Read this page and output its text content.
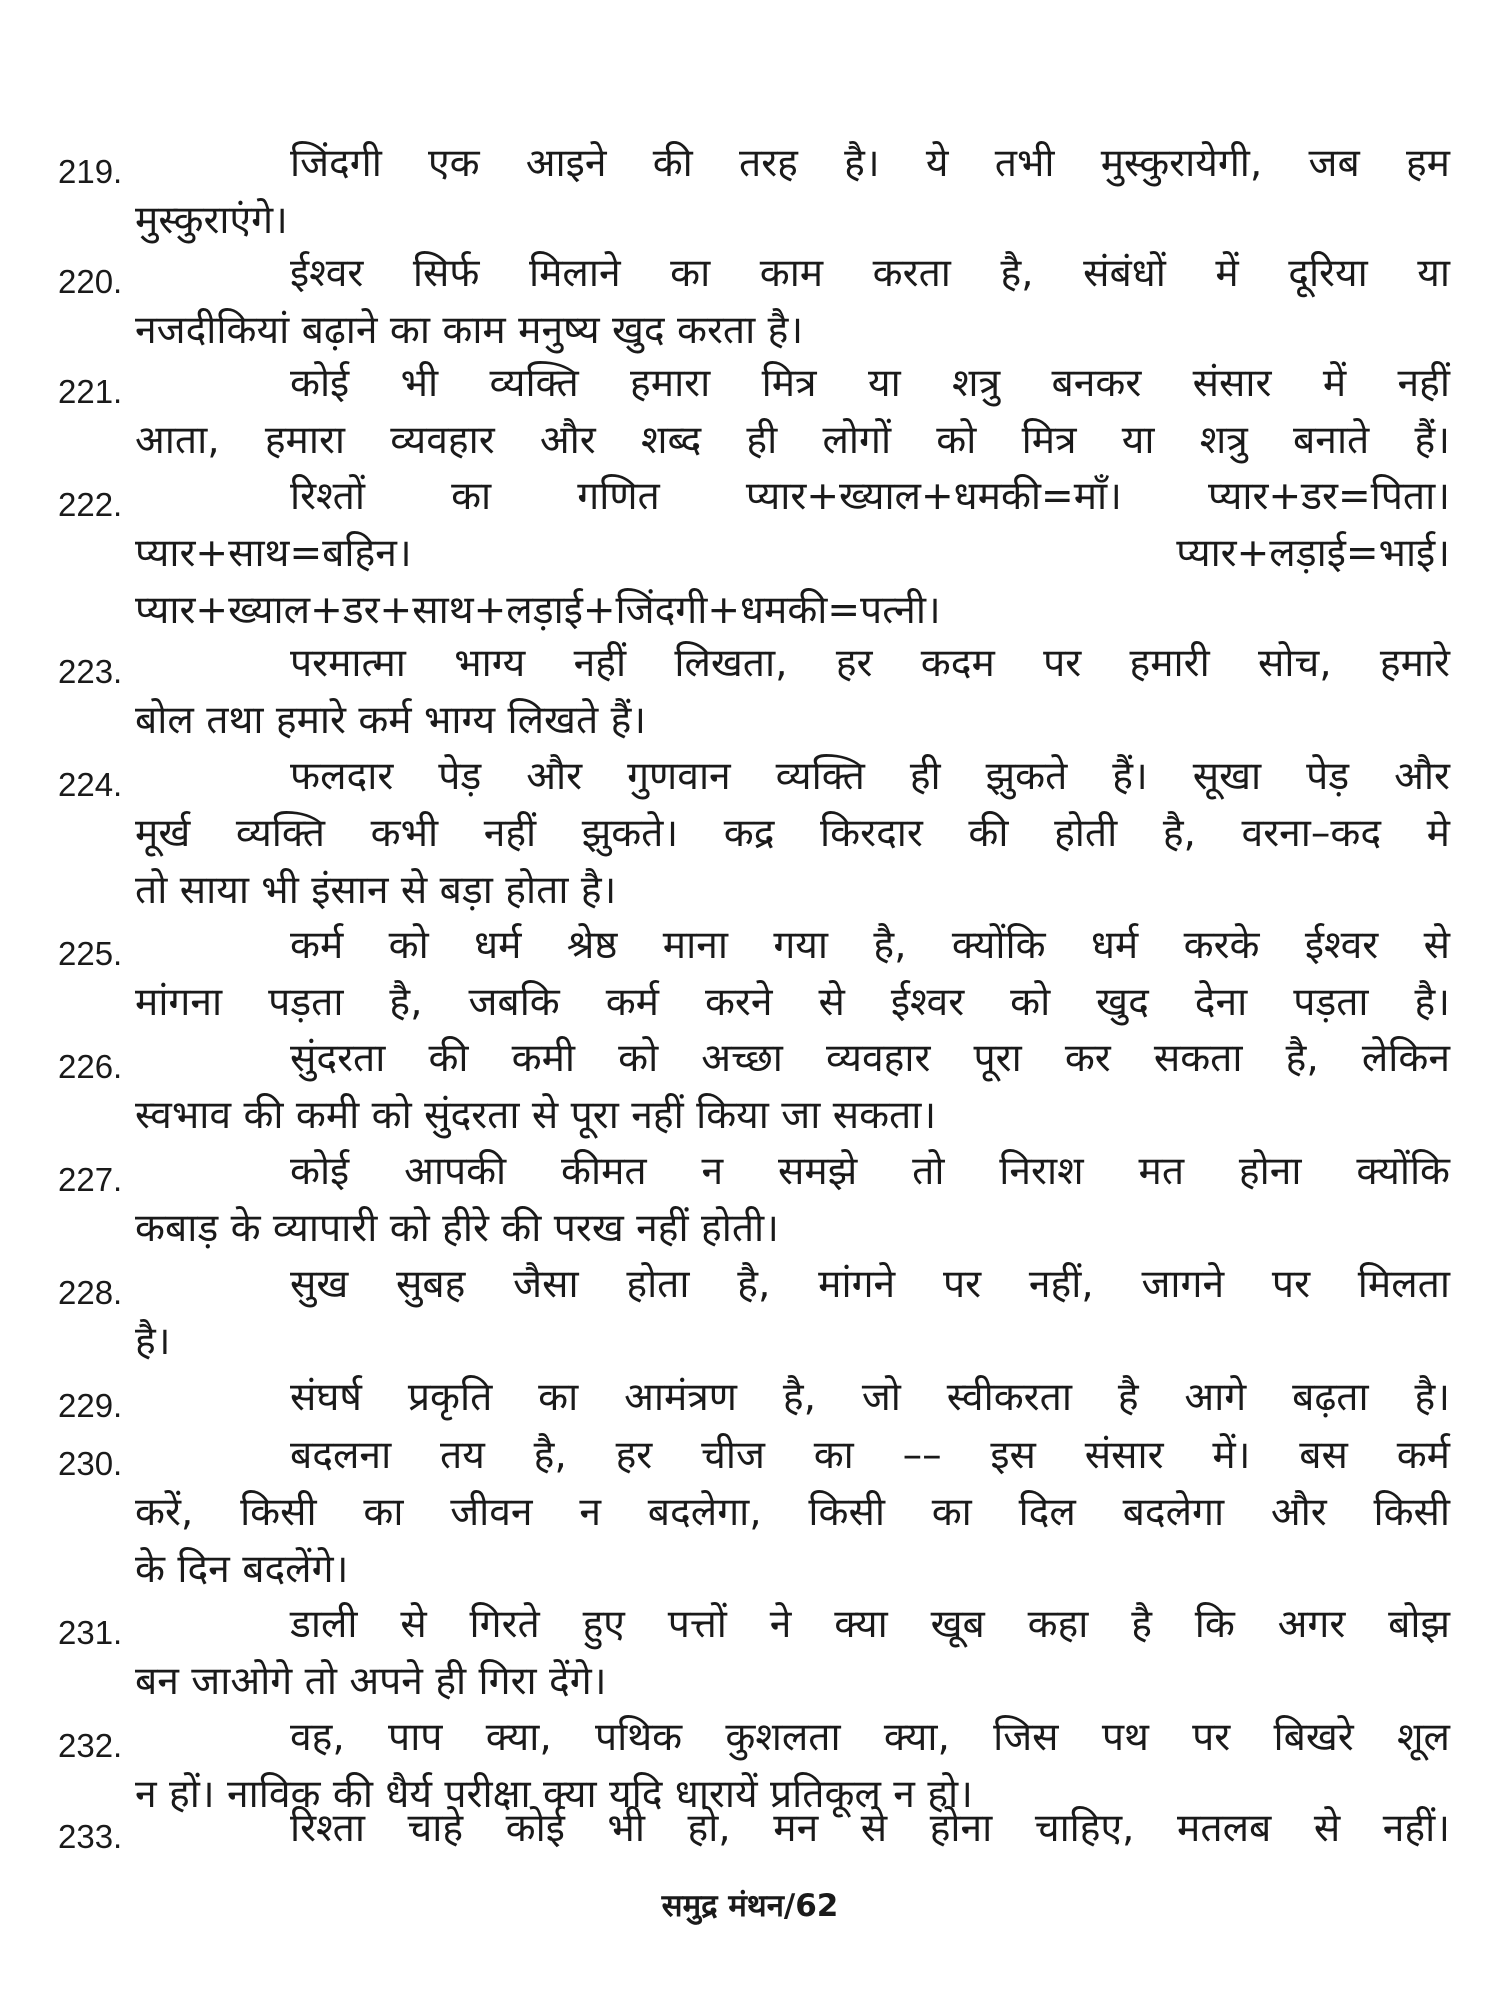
219.	जिंदगी एक आइने की तरह है। ये तभी मुस्कुरायेगी, जब हम
मुस्कुराएंगे।
220.	ईश्वर सिर्फ मिलाने का काम करता है, संबंधों में दूरिया या
नजदीकियां बढ़ाने का काम मनुष्य खुद करता है।
221.	कोई भी व्यक्ति हमारा मित्र या शत्रु बनकर संसार में नहीं
आता, हमारा व्यवहार और शब्द ही लोगों को मित्र या शत्रु बनाते हैं।
222.	रिश्तों का गणित प्यार+ख्याल+धमकी=माँ। प्यार+डर=पिता।
प्यार+साथ=बहिन।	प्यार+लड़ाई=भाई।
प्यार+ख्याल+डर+साथ+लड़ाई+जिंदगी+धमकी=पत्नी।
223.	परमात्मा भाग्य नहीं लिखता, हर कदम पर हमारी सोच, हमारे
बोल तथा हमारे कर्म भाग्य लिखते हैं।
224.	फलदार पेड़ और गुणवान व्यक्ति ही झुकते हैं। सूखा पेड़ और
मूर्ख व्यक्ति कभी नहीं झुकते। कद्र किरदार की होती है, वरना–कद मे
तो साया भी इंसान से बड़ा होता है।
225.	कर्म को धर्म श्रेष्ठ माना गया है, क्योंकि धर्म करके ईश्वर से
मांगना पड़ता है, जबकि कर्म करने से ईश्वर को खुद देना पड़ता है।
226.	सुंदरता की कमी को अच्छा व्यवहार पूरा कर सकता है, लेकिन
स्वभाव की कमी को सुंदरता से पूरा नहीं किया जा सकता।
227.	कोई आपकी कीमत न समझे तो निराश मत होना क्योंकि
कबाड़ के व्यापारी को हीरे की परख नहीं होती।
228.	सुख सुबह जैसा होता है, मांगने पर नहीं, जागने पर मिलता
है।
229.	संघर्ष प्रकृति का आमंत्रण है, जो स्वीकरता है आगे बढ़ता है।
230.	बदलना तय है, हर चीज का –– इस संसार में। बस कर्म
करें, किसी का जीवन न बदलेगा, किसी का दिल बदलेगा और किसी
के दिन बदलेंगे।
231.	डाली से गिरते हुए पत्तों ने क्या खूब कहा है कि अगर बोझ
बन जाओगे तो अपने ही गिरा देंगे।
232.	वह, पाप क्या, पथिक कुशलता क्या, जिस पथ पर बिखरे शूल
न हों। नाविक की धैर्य परीक्षा क्या यदि धारायें प्रतिकूल न हो।
233.	रिश्ता चाहे कोई भी हो, मन से होना चाहिए, मतलब से नहीं।
समुद्र मंथन/62
